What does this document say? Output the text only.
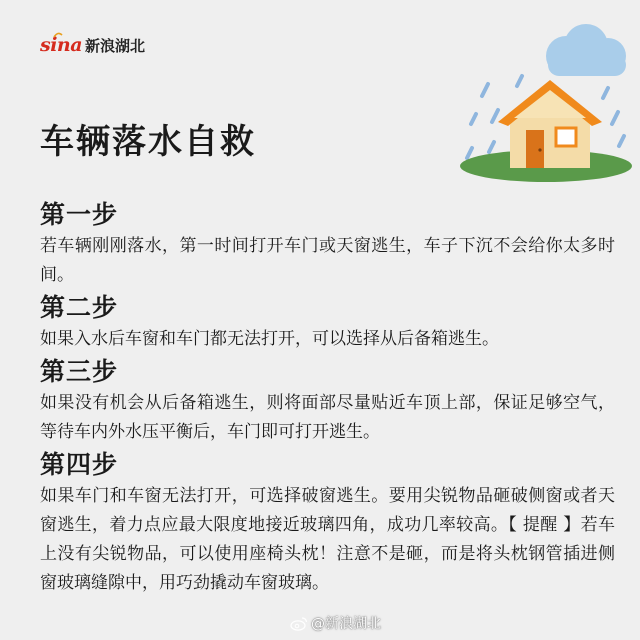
sina 新浪湖北
车辆落水自救
第一步

若车辆刚刚落水，第一时间打开车门或天窗逃生，车子下沉不会给你太多时间。

第二步

如果入水后车窗和车门都无法打开，可以选择从后备箱逃生。

第三步

如果没有机会从后备箱逃生，则将面部尽量贴近车顶上部，保证足够空气，等待车内外水压平衡后，车门即可打开逃生。

第四步

如果车门和车窗无法打开，可选择破窗逃生。要用尖锐物品砸破侧窗或者天窗逃生，着力点应最大限度地接近玻璃四角，成功几率较高。【 提醒 】若车上没有尖锐物品，可以使用座椅头枕！注意不是砸，而是将头枕钢管插进侧窗玻璃缝隙中，用巧劲撬动车窗玻璃。

@新浪湖北
